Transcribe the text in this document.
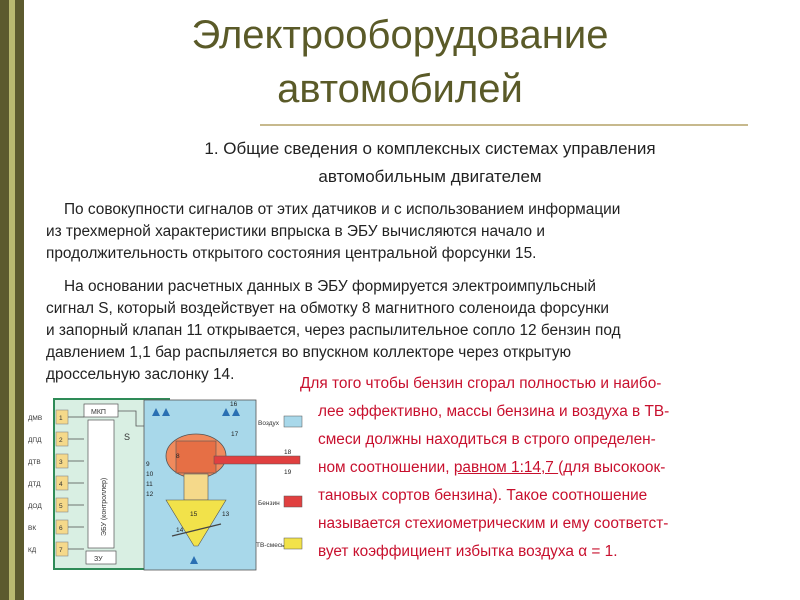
Электрооборудование
автомобилей
1. Общие сведения о комплексных системах управления
автомобильным двигателем
По совокупности сигналов от этих датчиков и с использованием информации
из трехмерной характеристики впрыска в ЭБУ вычисляются начало и
продолжительность открытого состояния центральной форсунки 15.
На основании расчетных данных в ЭБУ формируется электроимпульсный
сигнал S, который воздействует на обмотку 8 магнитного соленоида форсунки
и запорный клапан 11 открывается, через распылительное сопло 12 бензин под
давлением 1,1 бар распыляется во впускном коллекторе через открытую
дроссельную заслонку 14.
Для того чтобы бензин сгорал полностью и наибо-
лее эффективно, массы бензина и воздуха в ТВ-
смеси должны находиться в строго определен-
ном соотношении, равном 1:14,7 (для высокоок-
тановых сортов бензина). Такое соотношение
называется стехиометрическим и ему соответст-
вует коэффициент избытка воздуха α = 1.
ДМВ
ДПД
ДТВ
ДТД
ДОД
ВК
КД
1
2
3
4
5
6
7
МКП
ЭБУ (контроллер)
ЗУ
S
Воздух
Бензин
ТВ-смесь
16
17
8
9
10
11
12
13
14
15
18
19
